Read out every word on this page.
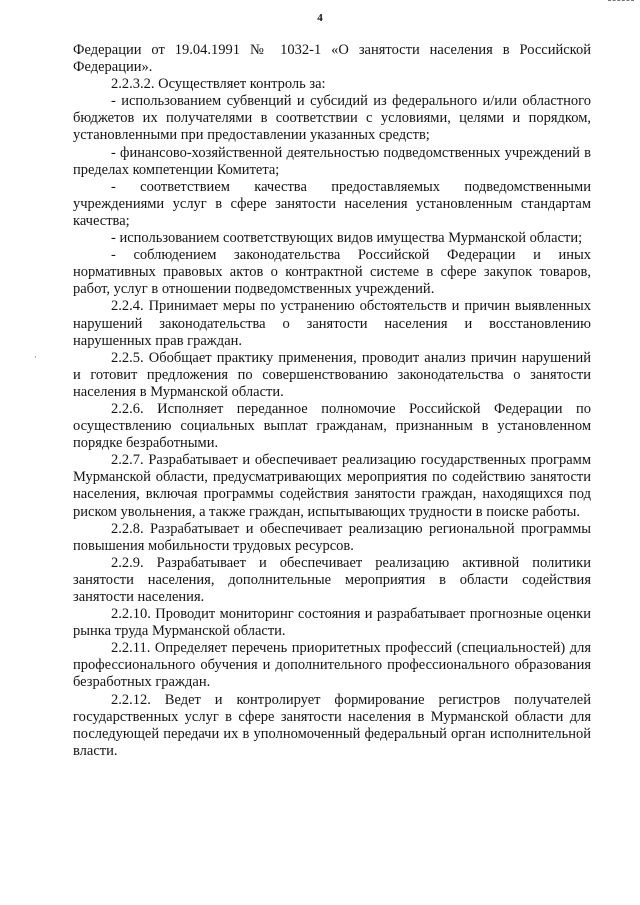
4
·

Федерации от 19.04.1991 № 1032-1 «О занятости населения в Российской Федерации».

2.2.3.2. Осуществляет контроль за:

- использованием субвенций и субсидий из федерального и/или областного бюджетов их получателями в соответствии с условиями, целями и порядком, установленными при предоставлении указанных средств;

- финансово-хозяйственной деятельностью подведомственных учреждений в пределах компетенции Комитета;

- соответствием качества предоставляемых подведомственными учреждениями услуг в сфере занятости населения установленным стандартам качества;

- использованием соответствующих видов имущества Мурманской области;

- соблюдением законодательства Российской Федерации и иных нормативных правовых актов о контрактной системе в сфере закупок товаров, работ, услуг в отношении подведомственных учреждений.

2.2.4. Принимает меры по устранению обстоятельств и причин выявленных нарушений законодательства о занятости населения и восстановлению нарушенных прав граждан.

2.2.5. Обобщает практику применения, проводит анализ причин нарушений и готовит предложения по совершенствованию законодательства о занятости населения в Мурманской области.

2.2.6. Исполняет переданное полномочие Российской Федерации по осуществлению социальных выплат гражданам, признанным в установленном порядке безработными.

2.2.7. Разрабатывает и обеспечивает реализацию государственных программ Мурманской области, предусматривающих мероприятия по содействию занятости населения, включая программы содействия занятости граждан, находящихся под риском увольнения, а также граждан, испытывающих трудности в поиске работы.

2.2.8. Разрабатывает и обеспечивает реализацию региональной программы повышения мобильности трудовых ресурсов.

2.2.9. Разрабатывает и обеспечивает реализацию активной политики занятости населения, дополнительные мероприятия в области содействия занятости населения.

2.2.10. Проводит мониторинг состояния и разрабатывает прогнозные оценки рынка труда Мурманской области.

2.2.11. Определяет перечень приоритетных профессий (специальностей) для профессионального обучения и дополнительного профессионального образования безработных граждан.

2.2.12. Ведет и контролирует формирование регистров получателей государственных услуг в сфере занятости населения в Мурманской области для последующей передачи их в уполномоченный федеральный орган исполнительной власти.
